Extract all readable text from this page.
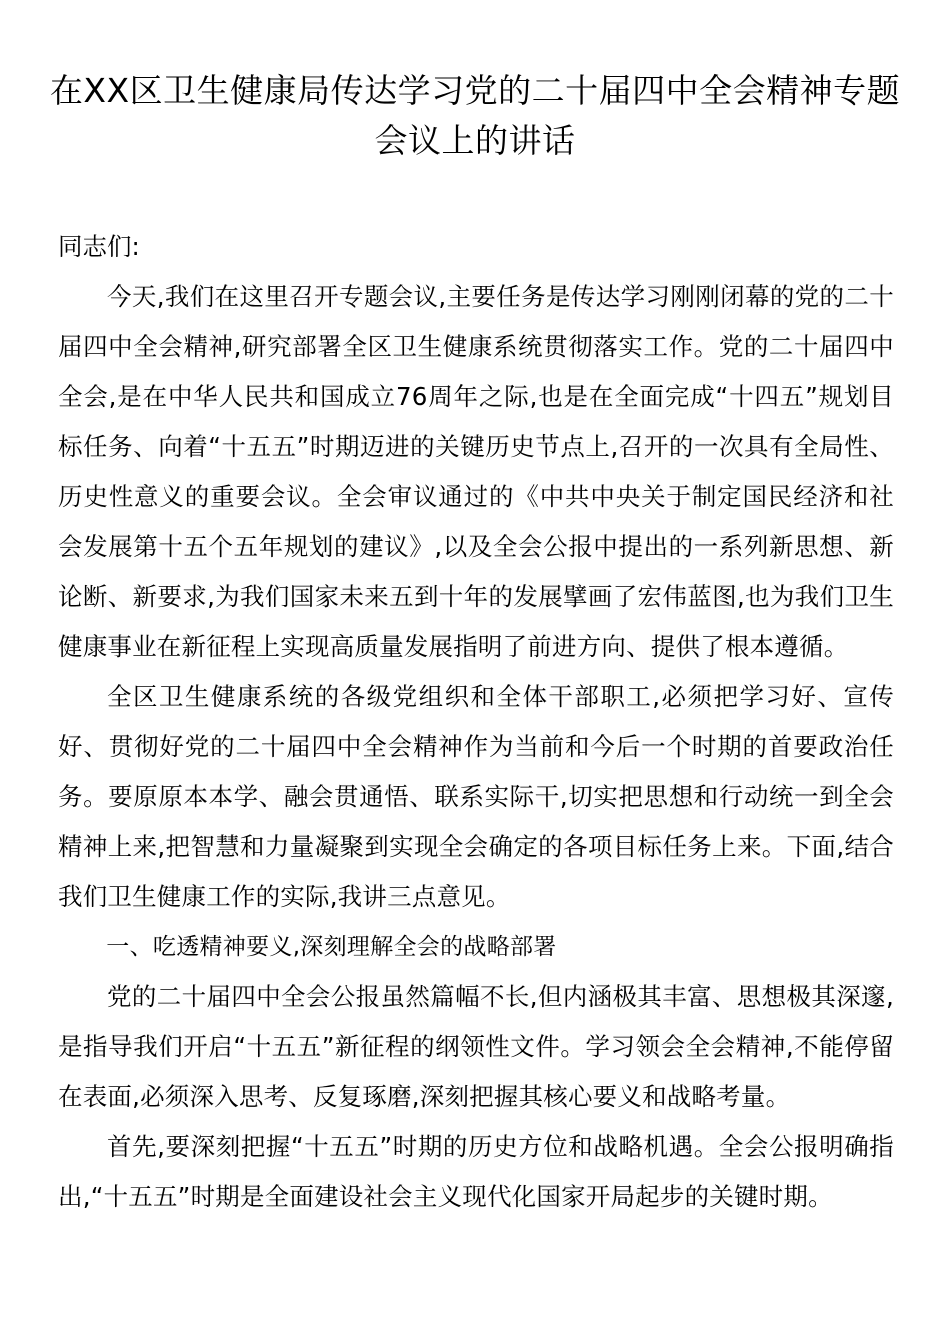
在XX区卫生健康局传达学习党的二十届四中全会精神专题会议上的讲话

同志们:

今天,我们在这里召开专题会议,主要任务是传达学习刚刚闭幕的党的二十届四中全会精神,研究部署全区卫生健康系统贯彻落实工作。党的二十届四中全会,是在中华人民共和国成立76周年之际,也是在全面完成“十四五”规划目标任务、向着“十五五”时期迈进的关键历史节点上,召开的一次具有全局性、历史性意义的重要会议。全会审议通过的《中共中央关于制定国民经济和社会发展第十五个五年规划的建议》,以及全会公报中提出的一系列新思想、新论断、新要求,为我们国家未来五到十年的发展擘画了宏伟蓝图,也为我们卫生健康事业在新征程上实现高质量发展指明了前进方向、提供了根本遵循。

全区卫生健康系统的各级党组织和全体干部职工,必须把学习好、宣传好、贯彻好党的二十届四中全会精神作为当前和今后一个时期的首要政治任务。要原原本本学、融会贯通悟、联系实际干,切实把思想和行动统一到全会精神上来,把智慧和力量凝聚到实现全会确定的各项目标任务上来。下面,结合我们卫生健康工作的实际,我讲三点意见。

一、吃透精神要义,深刻理解全会的战略部署

党的二十届四中全会公报虽然篇幅不长,但内涵极其丰富、思想极其深邃,是指导我们开启“十五五”新征程的纲领性文件。学习领会全会精神,不能停留在表面,必须深入思考、反复琢磨,深刻把握其核心要义和战略考量。

首先,要深刻把握“十五五”时期的历史方位和战略机遇。全会公报明确指出,“十五五”时期是全面建设社会主义现代化国家开局起步的关键时期。
